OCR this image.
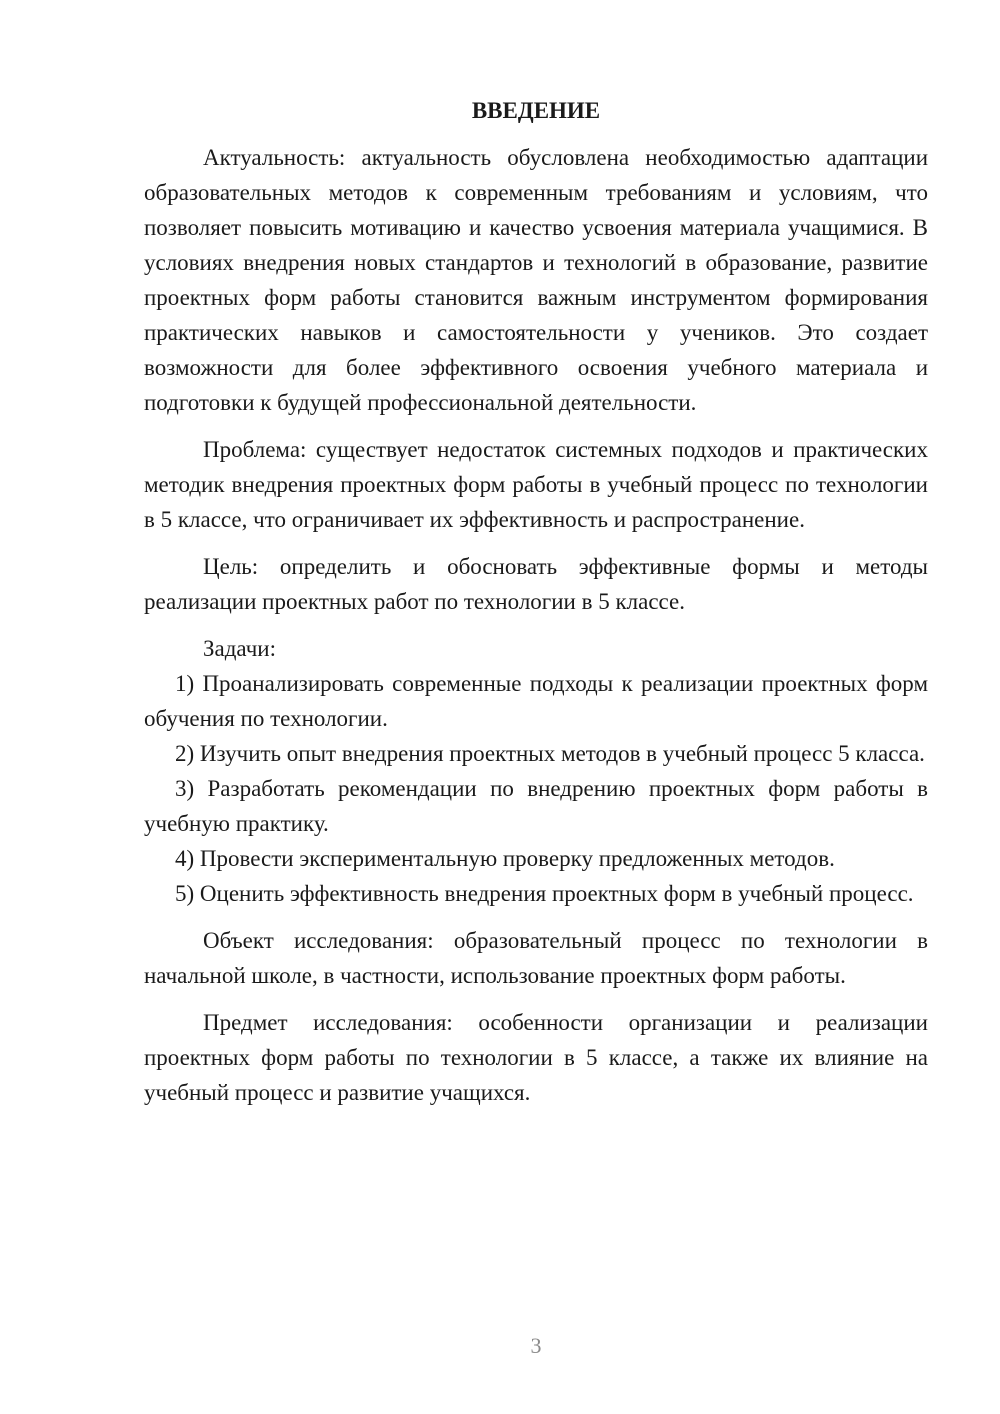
ВВЕДЕНИЕ

Актуальность: актуальность обусловлена необходимостью адаптации образовательных методов к современным требованиям и условиям, что позволяет повысить мотивацию и качество усвоения материала учащимися. В условиях внедрения новых стандартов и технологий в образование, развитие проектных форм работы становится важным инструментом формирования практических навыков и самостоятельности у учеников. Это создает возможности для более эффективного освоения учебного материала и подготовки к будущей профессиональной деятельности.

Проблема: существует недостаток системных подходов и практических методик внедрения проектных форм работы в учебный процесс по технологии в 5 классе, что ограничивает их эффективность и распространение.

Цель: определить и обосновать эффективные формы и методы реализации проектных работ по технологии в 5 классе.

Задачи:

1) Проанализировать современные подходы к реализации проектных форм обучения по технологии.

2) Изучить опыт внедрения проектных методов в учебный процесс 5 класса.

3) Разработать рекомендации по внедрению проектных форм работы в учебную практику.

4) Провести экспериментальную проверку предложенных методов.

5) Оценить эффективность внедрения проектных форм в учебный процесс.

Объект исследования: образовательный процесс по технологии в начальной школе, в частности, использование проектных форм работы.

Предмет исследования: особенности организации и реализации проектных форм работы по технологии в 5 классе, а также их влияние на учебный процесс и развитие учащихся.

3
